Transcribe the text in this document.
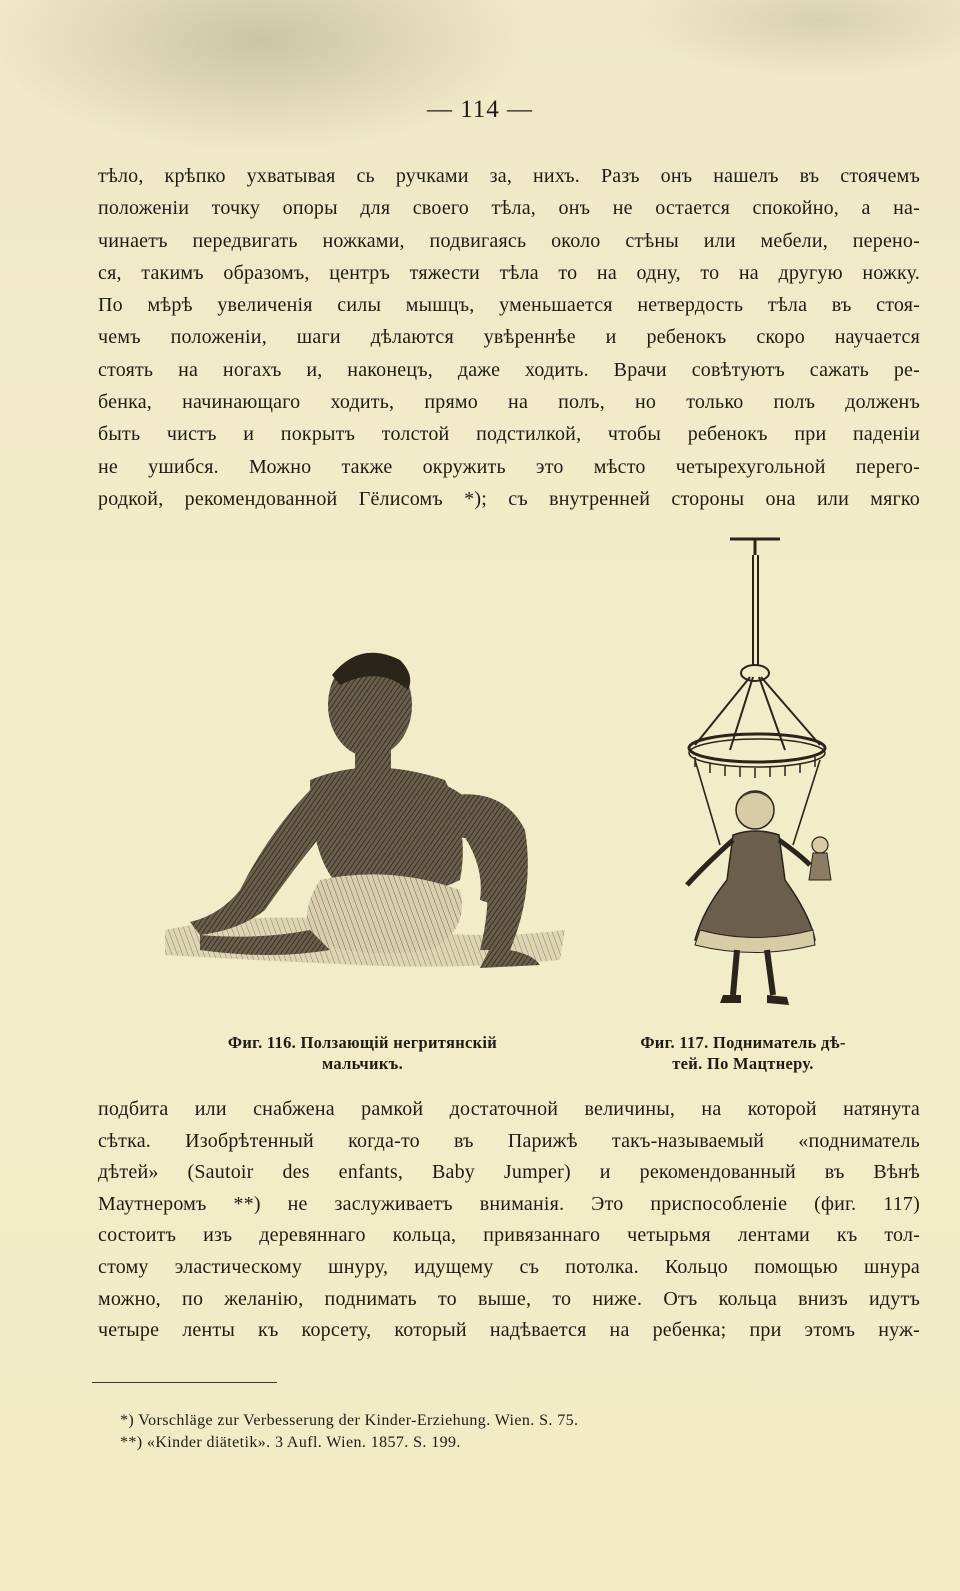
— 114 —
тѣло, крѣпко ухватывая сь ручками за, нихъ. Разъ онъ нашелъ въ стоячемъ
положенiи точку опоры для своего тѣла, онъ не остается спокойно, а на-
чинаетъ передвигать ножками, подвигаясь около стѣны или мебели, перено-
ся, такимъ образомъ, центръ тяжести тѣла то на одну, то на другую ножку.
По мѣрѣ увеличенiя силы мышцъ, уменьшается нетвердость тѣла въ стоя-
чемъ положенiи, шаги дѣлаются увѣреннѣе и ребенокъ скоро научается
стоять на ногахъ и, наконецъ, даже ходить. Врачи совѣтуютъ сажать ре-
бенка, начинающаго ходить, прямо на полъ, но только полъ долженъ
быть чистъ и покрытъ толстой подстилкой, чтобы ребенокъ при паденiи
не ушибся. Можно также окружить это мѣсто четырехугольной перего-
родкой, рекомендованной Гёлисомъ *); съ внутренней стороны она или мягко
Фиг. 116. Ползающiй негритянскiй
мальчикъ.
Фиг. 117. Подниматель дѣ-
тей. По Мацтнеру.
подбита или снабжена рамкой достаточной величины, на которой натянута
сѣтка. Изобрѣтенный когда-то въ Парижѣ такъ-называемый «подниматель
дѣтей» (Sautoir des enfants, Baby Jumper) и рекомендованный въ Вѣнѣ
Маутнеромъ **) не заслуживаетъ вниманiя. Это приспособленiе (фиг. 117)
состоитъ изъ деревяннаго кольца, привязаннаго четырьмя лентами къ тол-
стому эластическому шнуру, идущему съ потолка. Кольцо помощью шнура
можно, по желанiю, поднимать то выше, то ниже. Отъ кольца внизъ идутъ
четыре ленты къ корсету, который надѣвается на ребенка; при этомъ нуж-
*) Vorschläge zur Verbesserung der Kinder-Erziehung. Wien. S. 75.
**) «Kinder diätetik». 3 Aufl. Wien. 1857. S. 199.
